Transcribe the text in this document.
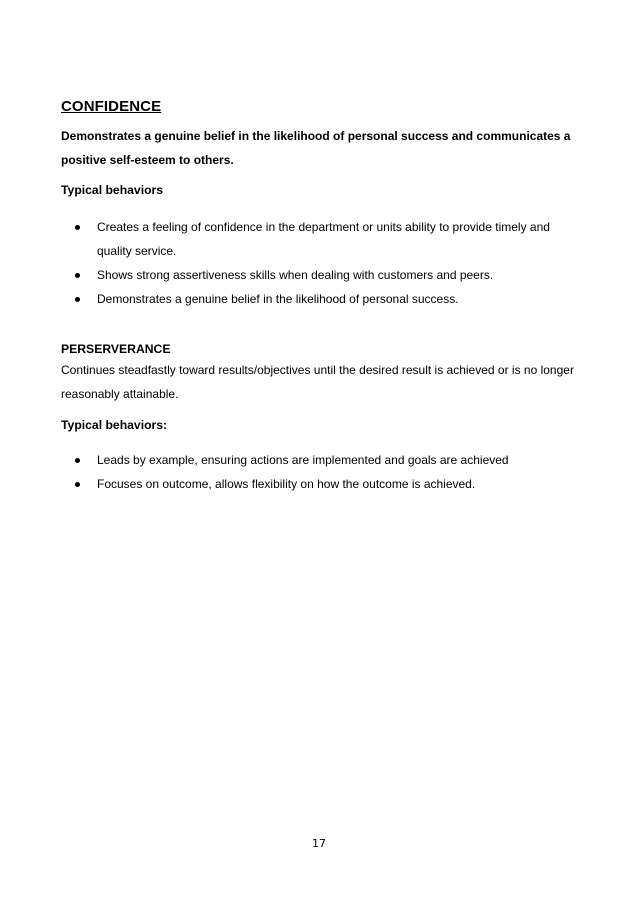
CONFIDENCE

Demonstrates a genuine belief in the likelihood of personal success and communicates a positive self-esteem to others.

Typical behaviors

Creates a feeling of confidence in the department or units ability to provide timely and quality service.
Shows strong assertiveness skills when dealing with customers and peers.
Demonstrates a genuine belief in the likelihood of personal success.

PERSERVERANCE

Continues steadfastly toward results/objectives until the desired result is achieved or is no longer reasonably attainable.

Typical behaviors:

Leads by example, ensuring actions are implemented and goals are achieved
Focuses on outcome, allows flexibility on how the outcome is achieved.
17
